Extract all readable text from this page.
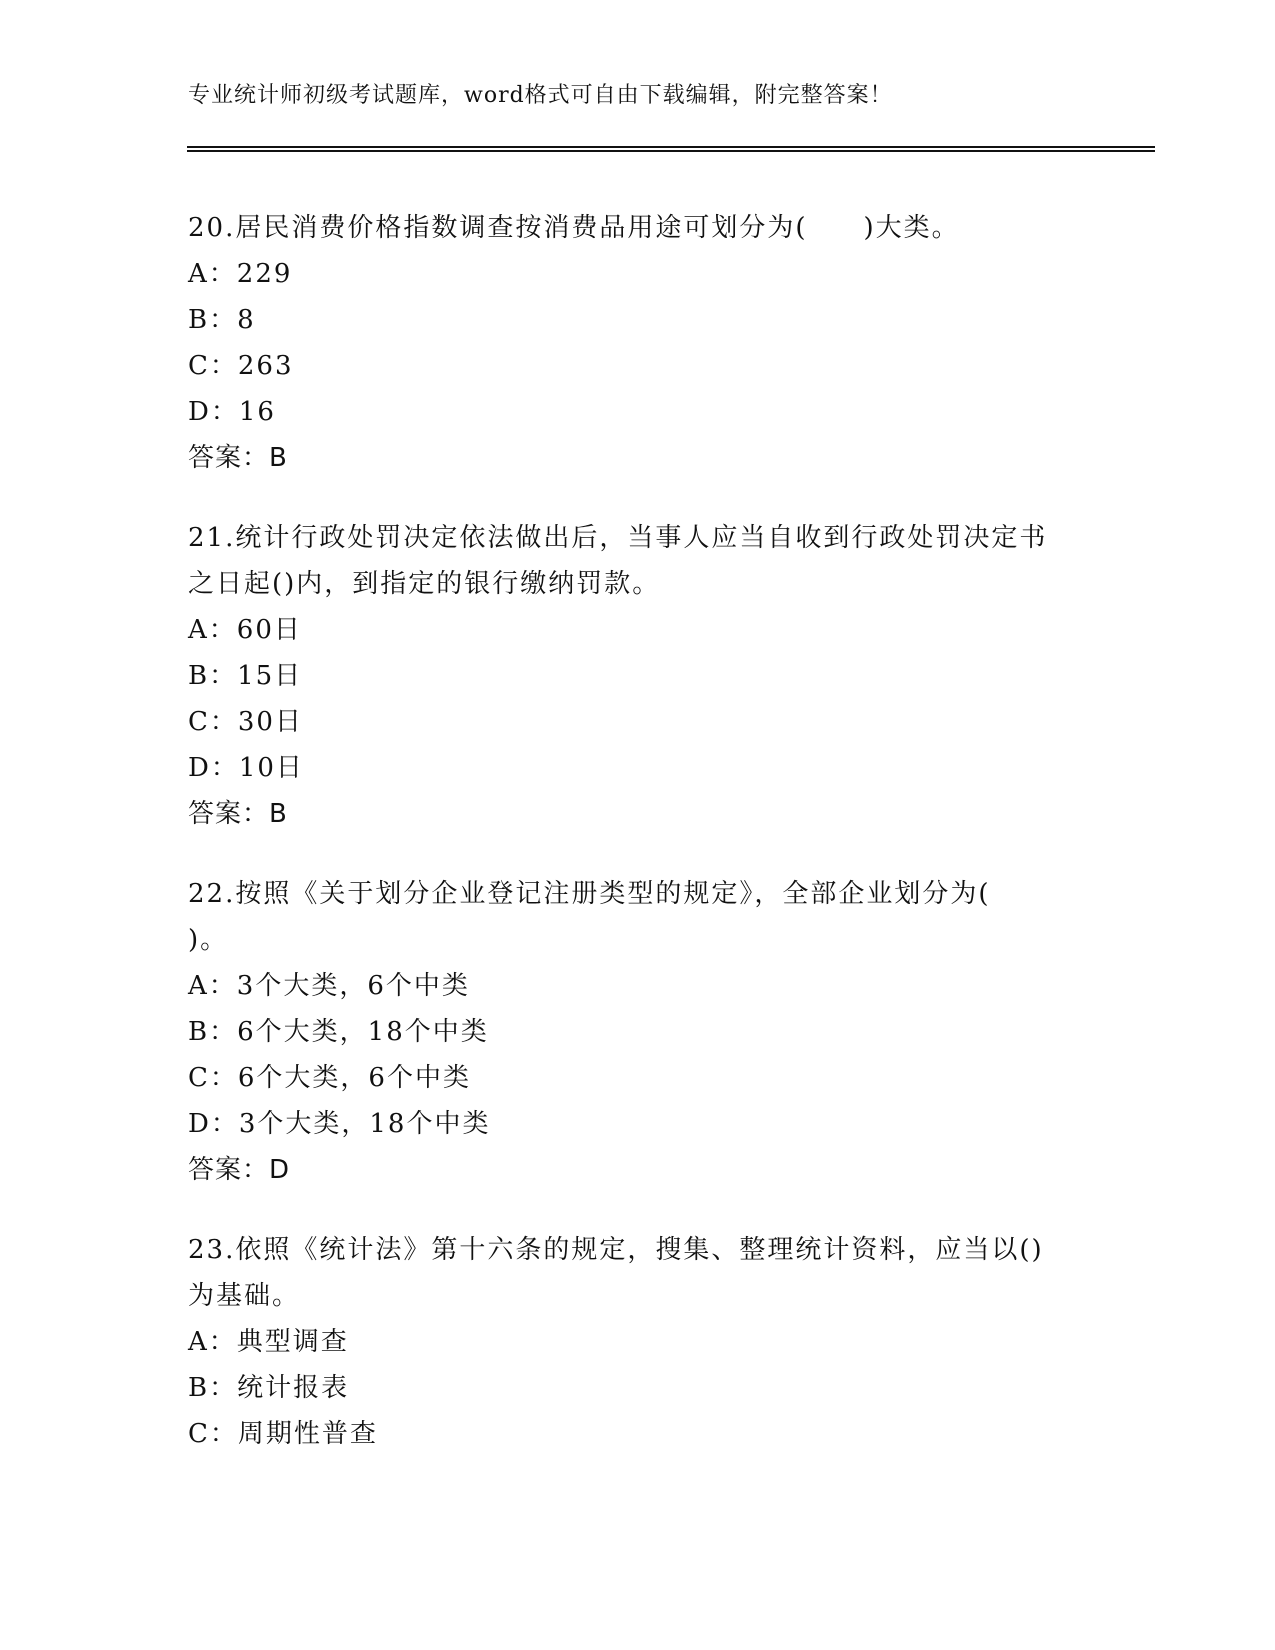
专业统计师初级考试题库，word格式可自由下载编辑，附完整答案！
20.居民消费价格指数调查按消费品用途可划分为(　　)大类。
A：229
B：8
C：263
D：16
答案：B
21.统计行政处罚决定依法做出后，当事人应当自收到行政处罚决定书
之日起()内，到指定的银行缴纳罚款。
A：60日
B：15日
C：30日
D：10日
答案：B
22.按照《关于划分企业登记注册类型的规定》，全部企业划分为(
)。
A：3个大类，6个中类
B：6个大类，18个中类
C：6个大类，6个中类
D：3个大类，18个中类
答案：D
23.依照《统计法》第十六条的规定，搜集、整理统计资料，应当以()
为基础。
A：典型调查
B：统计报表
C：周期性普查
